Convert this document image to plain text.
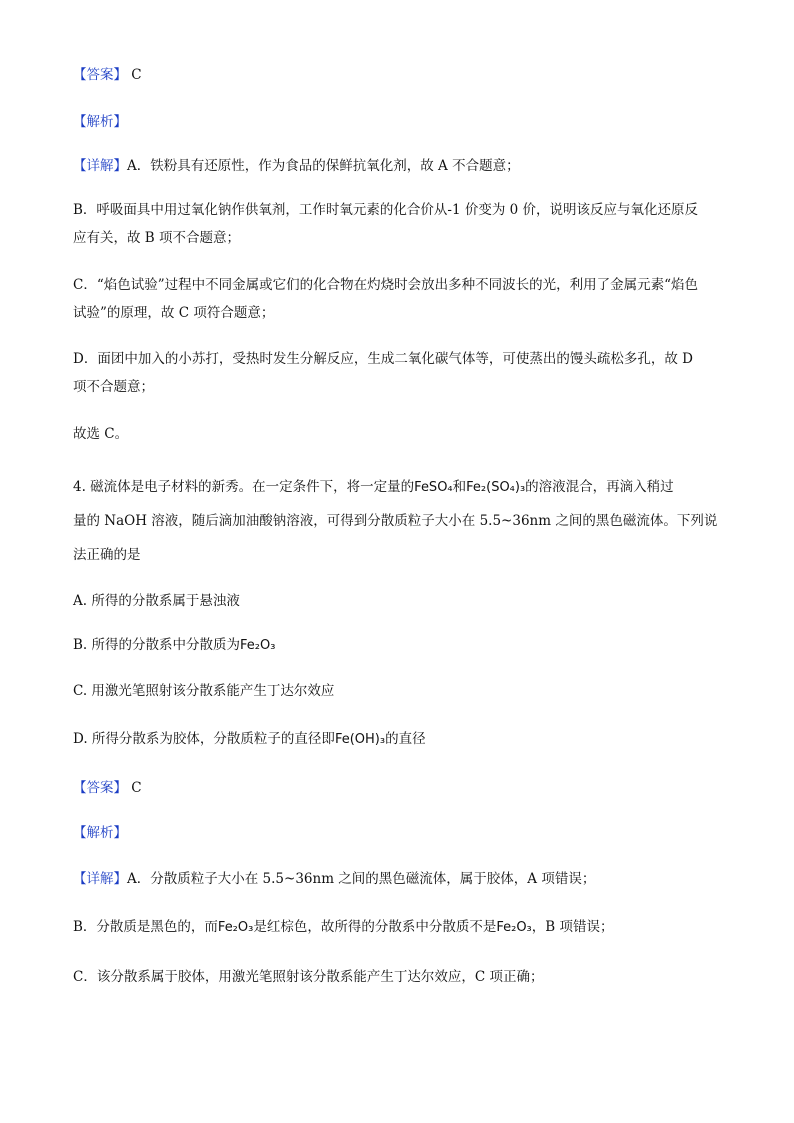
【答案】 C
【解析】
【详解】A．铁粉具有还原性，作为食品的保鲜抗氧化剂，故 A 不合题意；
B．呼吸面具中用过氧化钠作供氧剂，工作时氧元素的化合价从-1 价变为 0 价，说明该反应与氧化还原反
应有关，故 B 项不合题意；
C．“焰色试验”过程中不同金属或它们的化合物在灼烧时会放出多种不同波长的光，利用了金属元素“焰色
试验”的原理，故 C 项符合题意；
D．面团中加入的小苏打，受热时发生分解反应，生成二氧化碳气体等，可使蒸出的馒头疏松多孔，故 D
项不合题意；
故选 C。
4. 磁流体是电子材料的新秀。在一定条件下，将一定量的FeSO₄和Fe₂(SO₄)₃的溶液混合，再滴入稍过
量的 NaOH 溶液，随后滴加油酸钠溶液，可得到分散质粒子大小在 5.5~36nm 之间的黑色磁流体。下列说
法正确的是
A. 所得的分散系属于悬浊液
B. 所得的分散系中分散质为Fe₂O₃
C. 用激光笔照射该分散系能产生丁达尔效应
D. 所得分散系为胶体，分散质粒子的直径即Fe(OH)₃的直径
【答案】 C
【解析】
【详解】A．分散质粒子大小在 5.5~36nm 之间的黑色磁流体，属于胶体，A 项错误；
B．分散质是黑色的，而Fe₂O₃是红棕色，故所得的分散系中分散质不是Fe₂O₃，B 项错误；
C．该分散系属于胶体，用激光笔照射该分散系能产生丁达尔效应，C 项正确；
